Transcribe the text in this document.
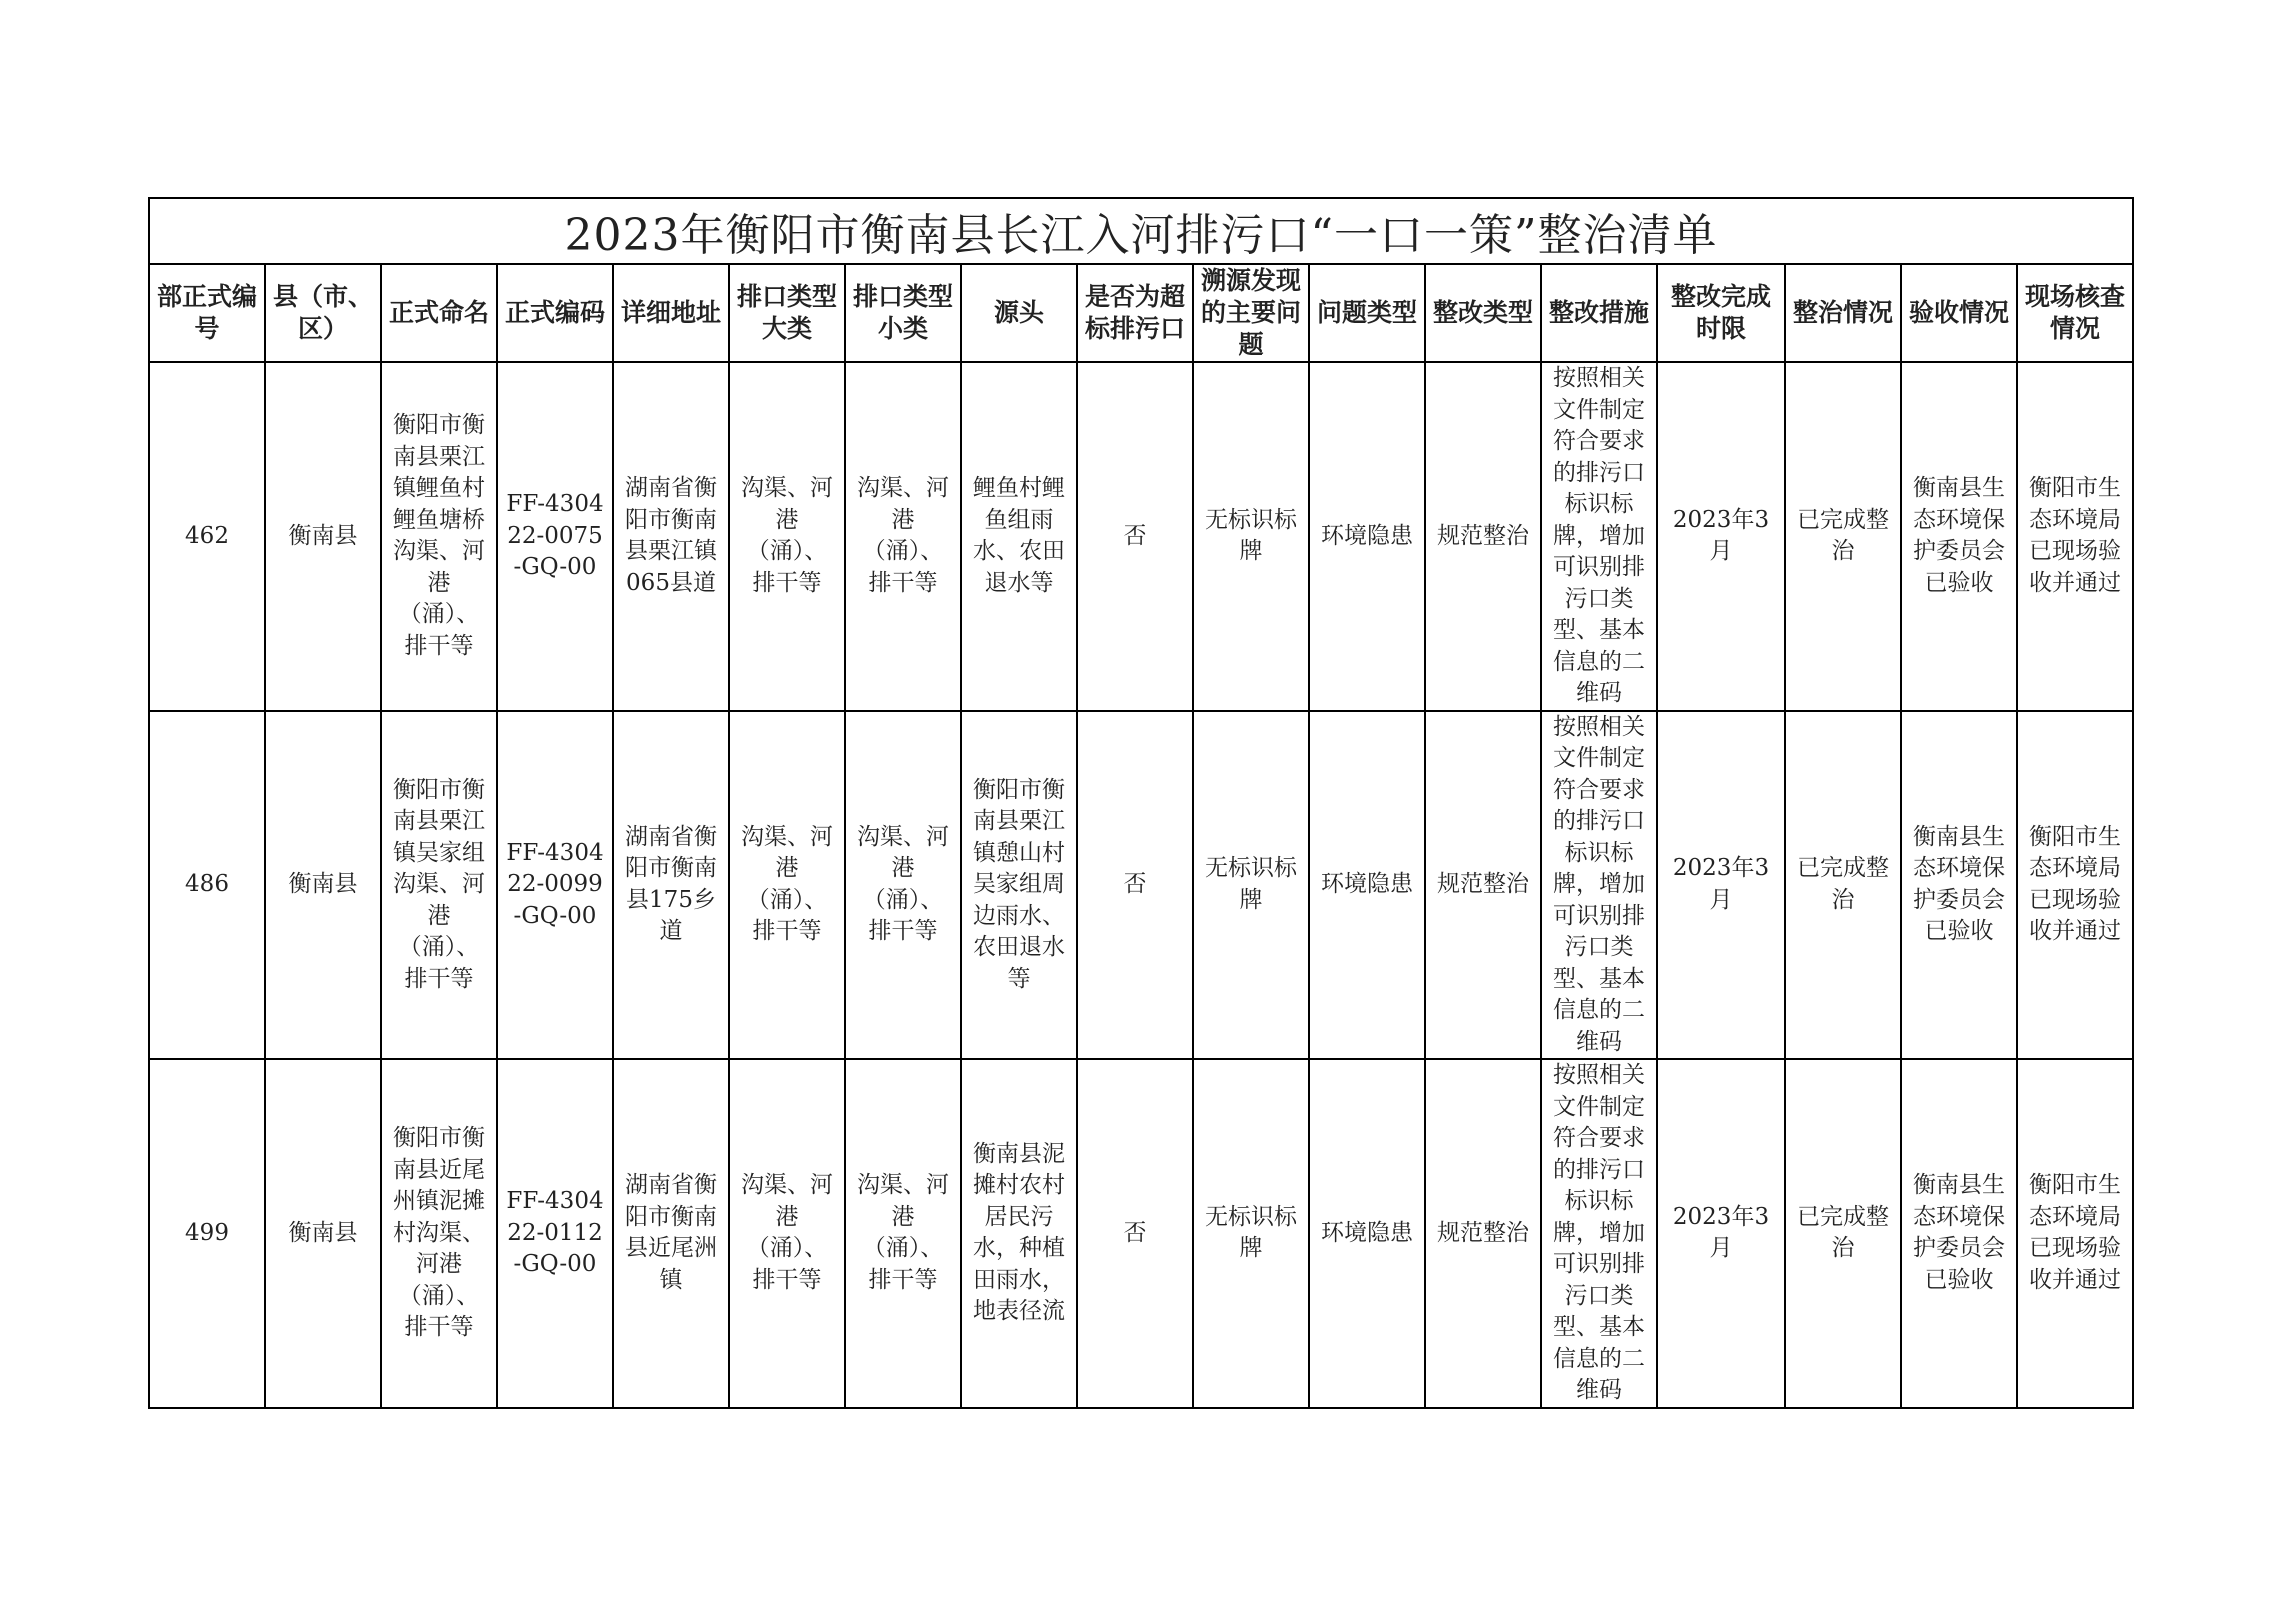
2023年衡阳市衡南县长江入河排污口“一口一策”整治清单																
部正式编号	县（市、区）	正式命名	正式编码	详细地址	排口类型大类	排口类型小类	源头	是否为超标排污口	溯源发现的主要问题	问题类型	整改类型	整改措施	整改完成时限	整治情况	验收情况	现场核查情况
462	衡南县	衡阳市衡南县栗江镇鲤鱼村鲤鱼塘桥沟渠、河港（涌）、排干等	FF-430422-0075-GQ-00	湖南省衡阳市衡南县栗江镇065县道	沟渠、河港（涌）、排干等	沟渠、河港（涌）、排干等	鲤鱼村鲤鱼组雨水、农田退水等	否	无标识标牌	环境隐患	规范整治	按照相关文件制定符合要求的排污口标识标牌，增加可识别排污口类型、基本信息的二维码	2023年3月	已完成整治	衡南县生态环境保护委员会已验收	衡阳市生态环境局已现场验收并通过
486	衡南县	衡阳市衡南县栗江镇吴家组沟渠、河港（涌）、排干等	FF-430422-0099-GQ-00	湖南省衡阳市衡南县175乡道	沟渠、河港（涌）、排干等	沟渠、河港（涌）、排干等	衡阳市衡南县栗江镇憩山村吴家组周边雨水、农田退水等	否	无标识标牌	环境隐患	规范整治	按照相关文件制定符合要求的排污口标识标牌，增加可识别排污口类型、基本信息的二维码	2023年3月	已完成整治	衡南县生态环境保护委员会已验收	衡阳市生态环境局已现场验收并通过
499	衡南县	衡阳市衡南县近尾州镇泥摊村沟渠、河港（涌）、排干等	FF-430422-0112-GQ-00	湖南省衡阳市衡南县近尾洲镇	沟渠、河港（涌）、排干等	沟渠、河港（涌）、排干等	衡南县泥摊村农村居民污水，种植田雨水，地表径流	否	无标识标牌	环境隐患	规范整治	按照相关文件制定符合要求的排污口标识标牌，增加可识别排污口类型、基本信息的二维码	2023年3月	已完成整治	衡南县生态环境保护委员会已验收	衡阳市生态环境局已现场验收并通过
